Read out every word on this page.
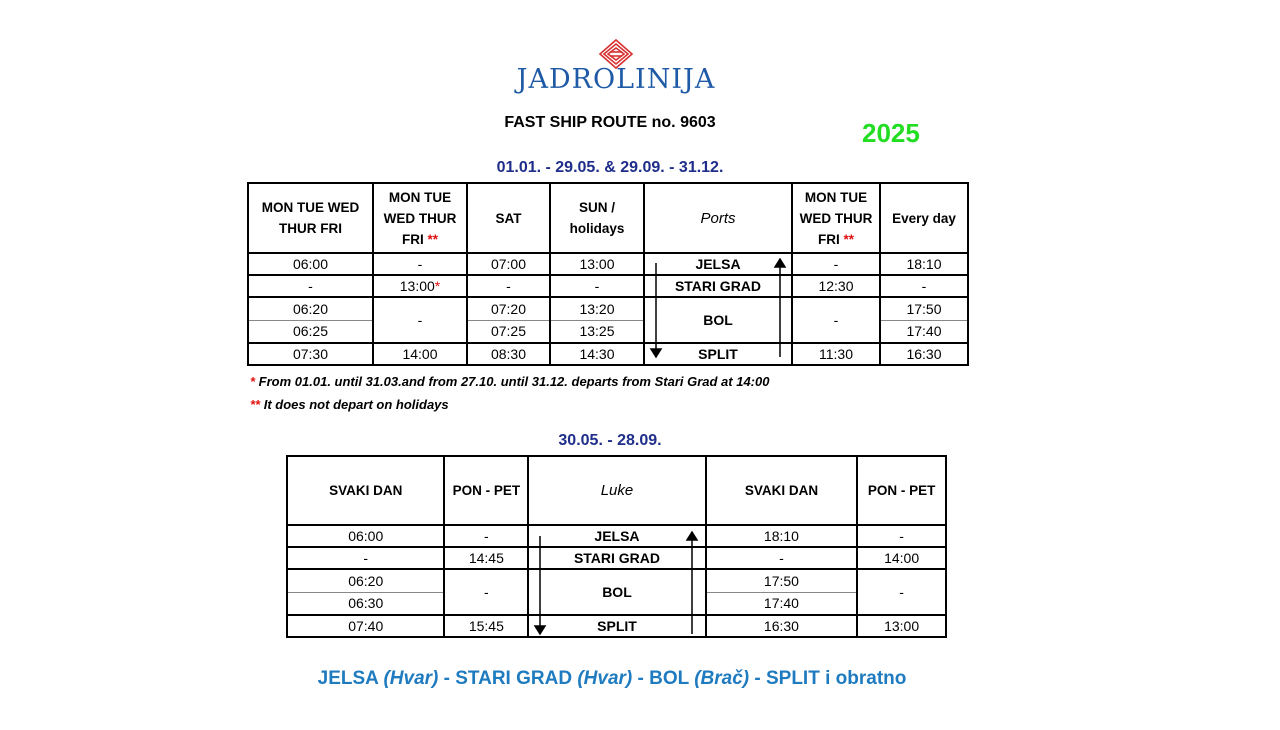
JADROLINIJA
FAST SHIP ROUTE no. 9603	2025
01.01. - 29.05. & 29.09. - 31.12.
MON TUE WED THUR FRI	MON TUE WED THUR FRI **	SAT	SUN / holidays	Ports	MON TUE WED THUR FRI **	Every day
06:00	-	07:00	13:00	JELSA	-	18:10
-	13:00*	-	-	STARI GRAD	12:30	-
06:20	-	07:20	13:20	BOL	-	17:50
06:25		07:25	13:25			17:40
07:30	14:00	08:30	14:30	SPLIT	11:30	16:30
* From 01.01. until 31.03.and from 27.10. until 31.12. departs from Stari Grad at 14:00
** It does not depart on holidays
30.05. - 28.09.
SVAKI DAN	PON - PET	Luke	SVAKI DAN	PON - PET
06:00	-	JELSA	18:10	-
-	14:45	STARI GRAD	-	14:00
06:20	-	BOL	17:50	-
06:30			17:40	
07:40	15:45	SPLIT	16:30	13:00
JELSA (Hvar) - STARI GRAD (Hvar) - BOL (Brač) - SPLIT i obratno
